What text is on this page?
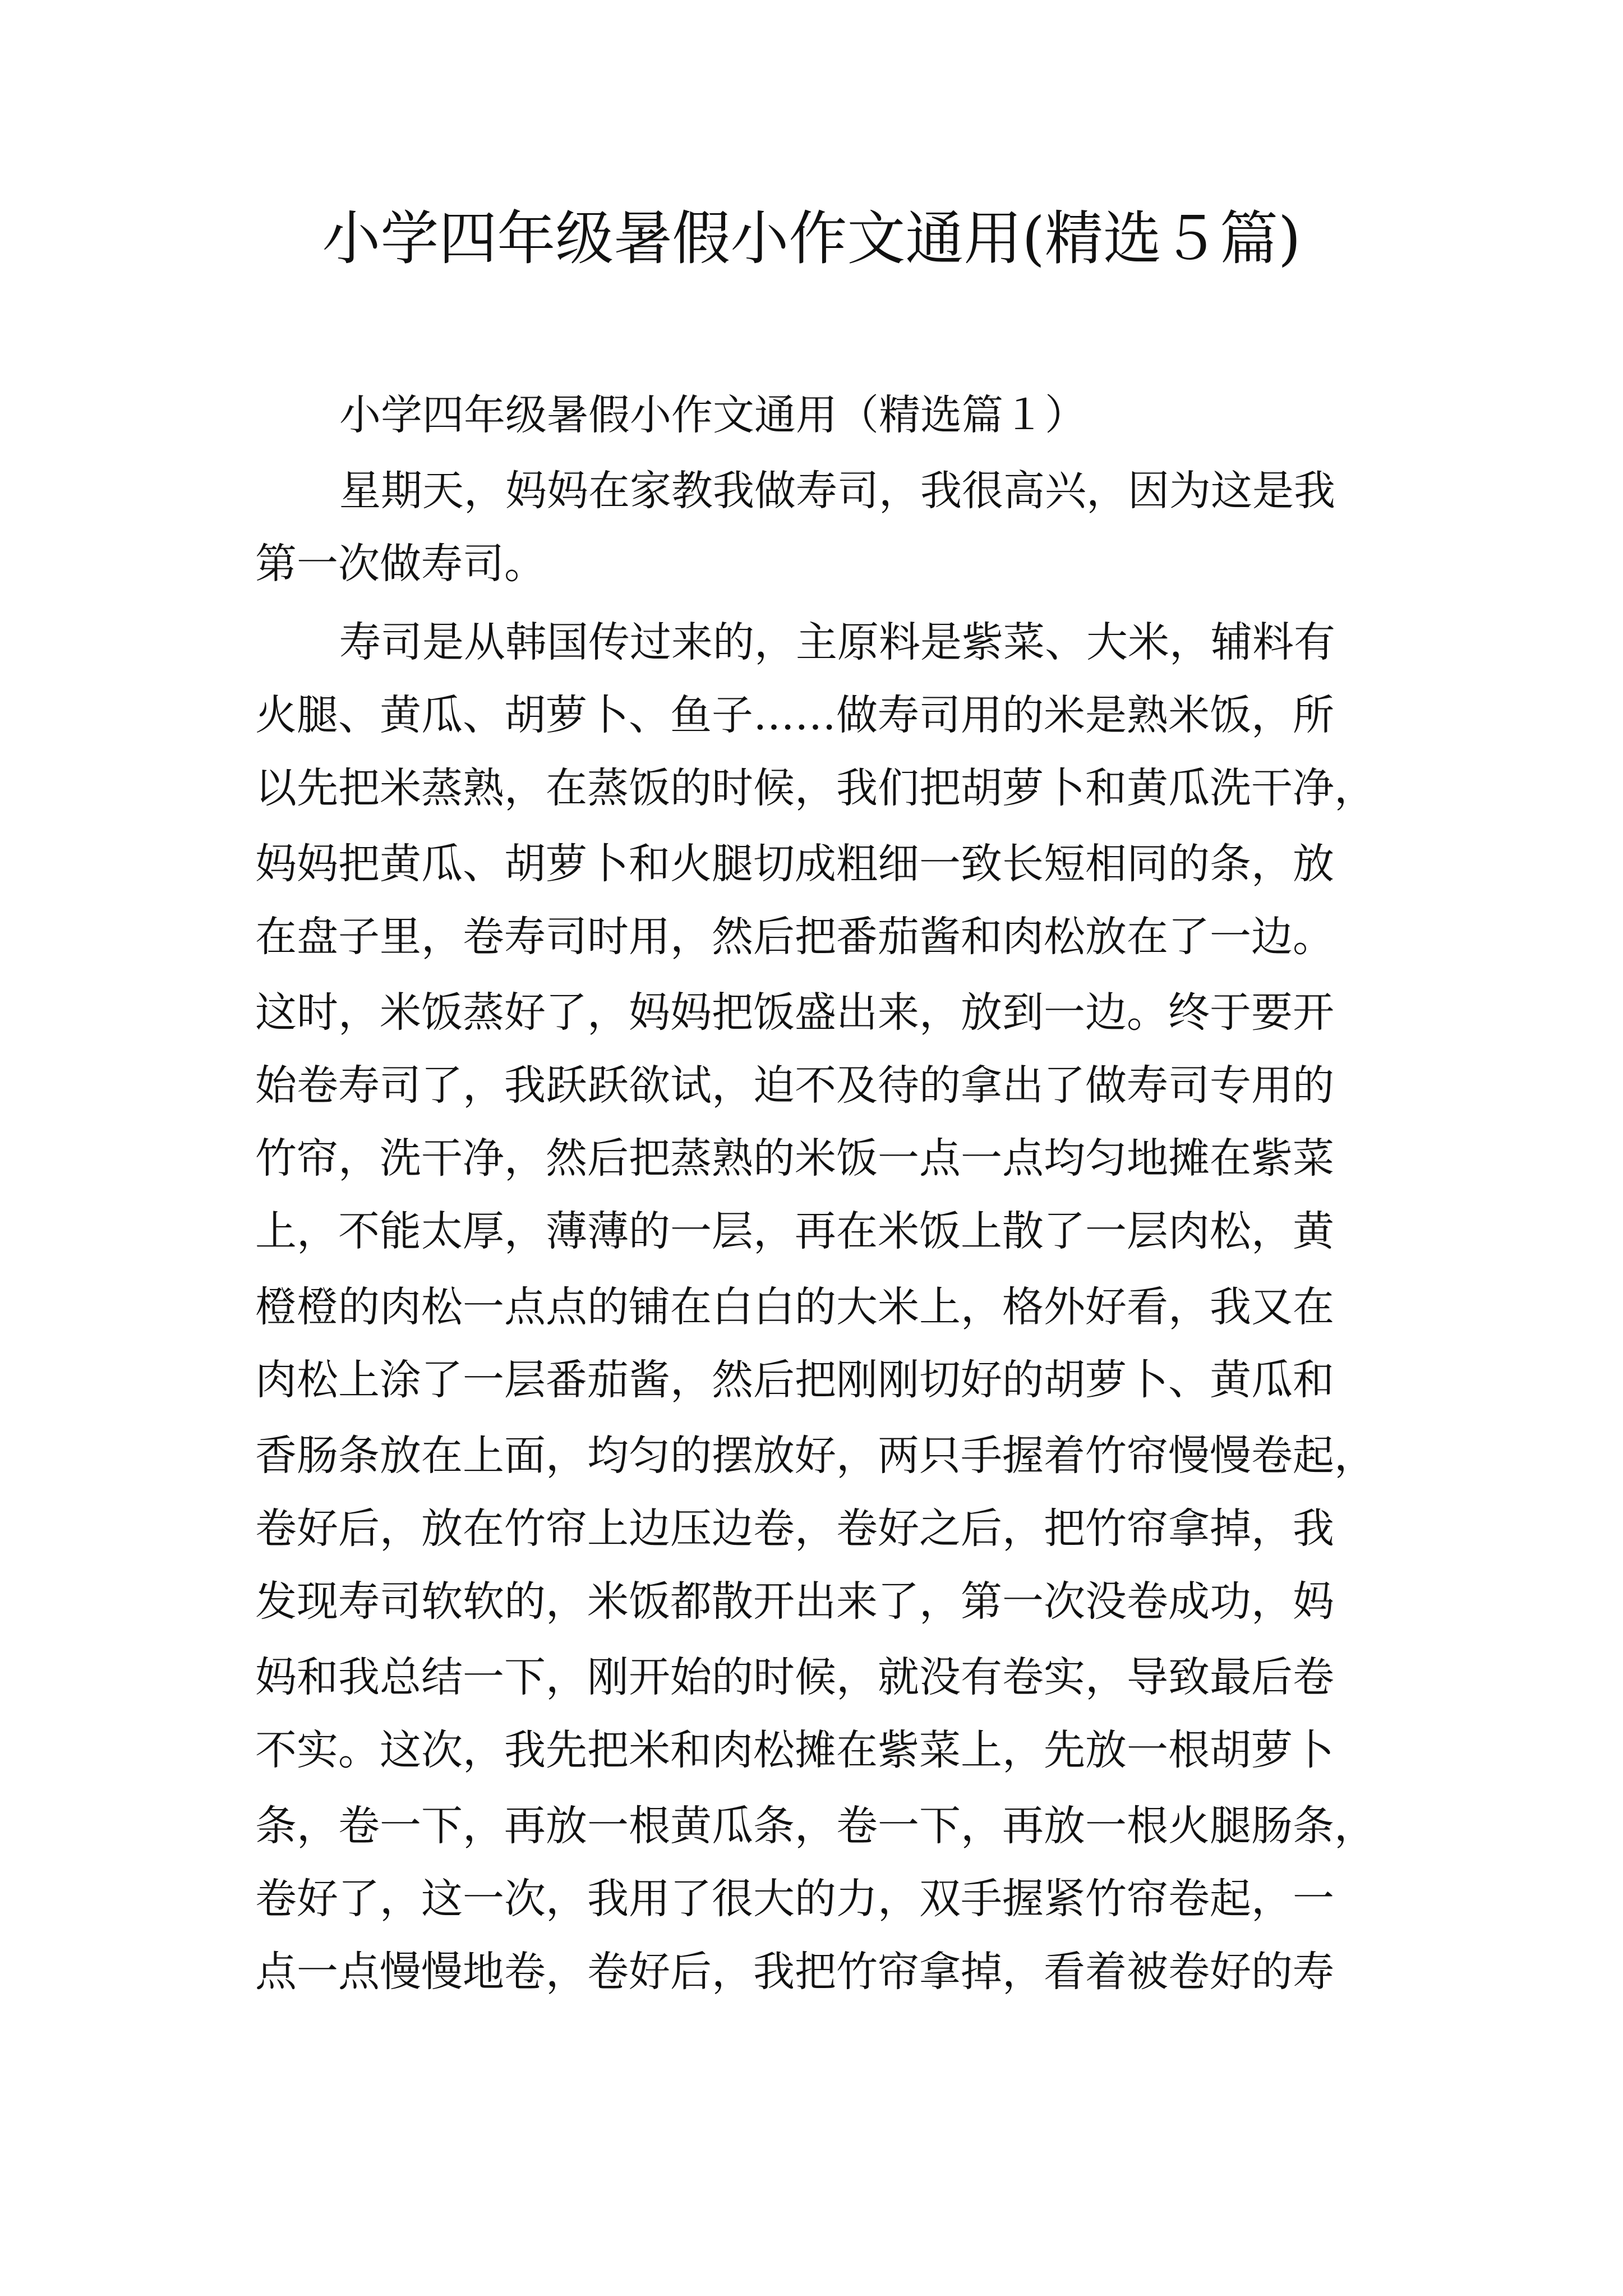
小学四年级暑假小作文通用(精选５篇)

小学四年级暑假小作文通用（精选篇１）

星期天，妈妈在家教我做寿司，我很高兴，因为这是我

第一次做寿司。

寿司是从韩国传过来的，主原料是紫菜、大米，辅料有

火腿、黄瓜、胡萝卜、鱼子……做寿司用的米是熟米饭，所

以先把米蒸熟，在蒸饭的时候，我们把胡萝卜和黄瓜洗干净，

妈妈把黄瓜、胡萝卜和火腿切成粗细一致长短相同的条，放

在盘子里，卷寿司时用，然后把番茄酱和肉松放在了一边。

这时，米饭蒸好了，妈妈把饭盛出来，放到一边。终于要开

始卷寿司了，我跃跃欲试，迫不及待的拿出了做寿司专用的

竹帘，洗干净，然后把蒸熟的米饭一点一点均匀地摊在紫菜

上，不能太厚，薄薄的一层，再在米饭上散了一层肉松，黄

橙橙的肉松一点点的铺在白白的大米上，格外好看，我又在

肉松上涂了一层番茄酱，然后把刚刚切好的胡萝卜、黄瓜和

香肠条放在上面，均匀的摆放好，两只手握着竹帘慢慢卷起，

卷好后，放在竹帘上边压边卷，卷好之后，把竹帘拿掉，我

发现寿司软软的，米饭都散开出来了，第一次没卷成功，妈

妈和我总结一下，刚开始的时候，就没有卷实，导致最后卷

不实。这次，我先把米和肉松摊在紫菜上，先放一根胡萝卜

条，卷一下，再放一根黄瓜条，卷一下，再放一根火腿肠条，

卷好了，这一次，我用了很大的力，双手握紧竹帘卷起，一

点一点慢慢地卷，卷好后，我把竹帘拿掉，看着被卷好的寿
